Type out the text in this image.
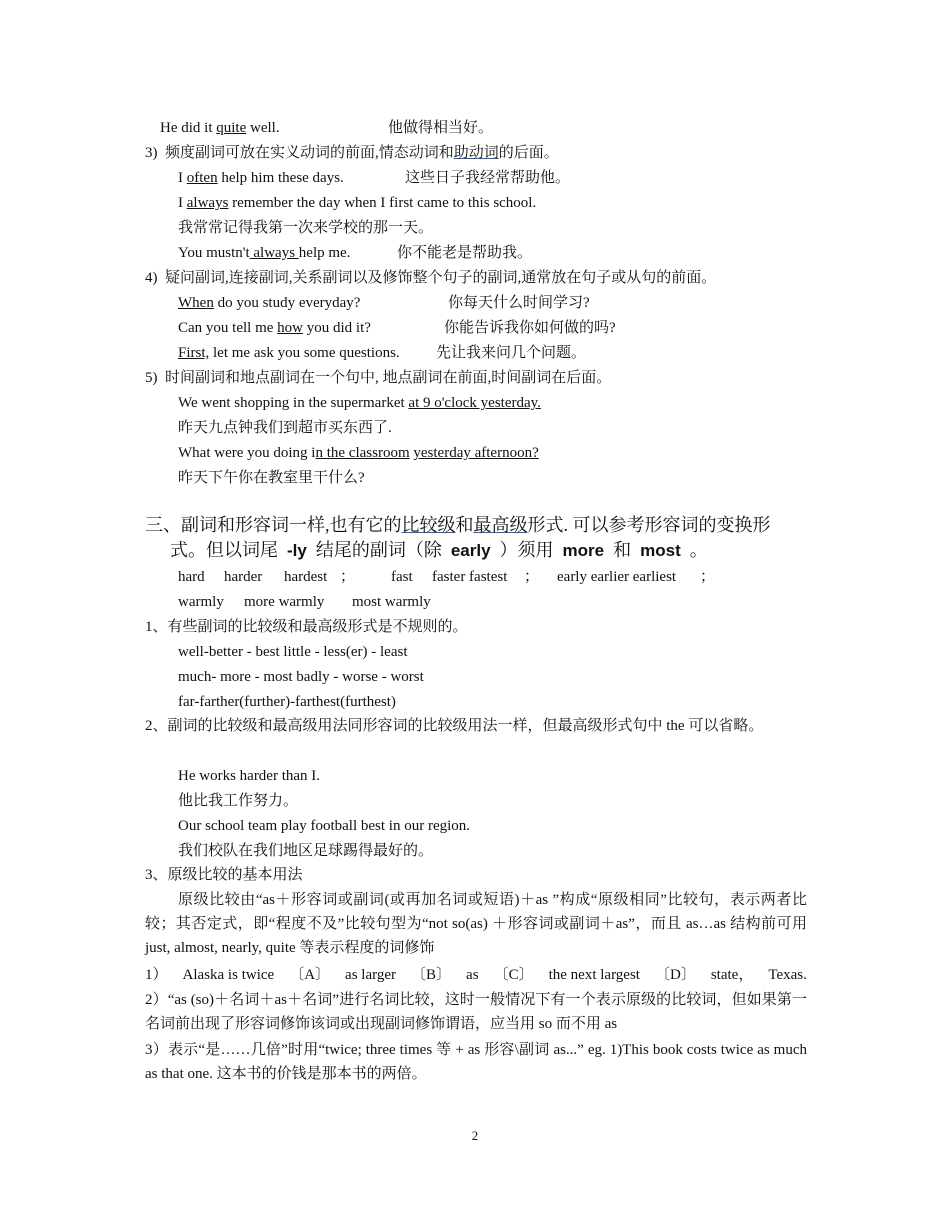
He did it quite well.	他做得相当好。
3) 频度副词可放在实义动词的前面,情态动词和助动词的后面。
I often help him these days.	这些日子我经常帮助他。
I always remember the day when I first came to this school.
我常常记得我第一次来学校的那一天。
You mustn't always help me.	你不能老是帮助我。
4) 疑问副词,连接副词,关系副词以及修饰整个句子的副词,通常放在句子或从句的前面。
When do you study everyday?	你每天什么时间学习?
Can you tell me how you did it?	你能告诉我你如何做的吗?
First, let me ask you some questions. 先让我来问几个问题。
5) 时间副词和地点副词在一个句中, 地点副词在前面,时间副词在后面。
We went shopping in the supermarket at 9 o'clock yesterday.
昨天九点钟我们到超市买东西了.
What were you doing in the classroom yesterday afternoon?
昨天下午你在教室里干什么?
三、副词和形容词一样,也有它的比较级和最高级形式. 可以参考形容词的变换形
式。但以词尾 -ly 结尾的副词（除 early ）须用 more 和 most 。
hard harder hardest ； fast faster fastest ； early earlier earliest ；
warmly more warmly most warmly
1、有些副词的比较级和最高级形式是不规则的。
well-better - best little - less(er) - least
much- more - most badly - worse - worst
far-farther(further)-farthest(furthest)
2、副词的比较级和最高级用法同形容词的比较级用法一样，但最高级形式句中 the 可以省略。
He works harder than I.
他比我工作努力。
Our school team play football best in our region.
我们校队在我们地区足球踢得最好的。
3、原级比较的基本用法
原级比较由“as＋形容词或副词(或再加名词或短语)＋as ”构成“原级相同”比较句，表示两者比较；其否定式，即“程度不及”比较句型为“not so(as) ＋形容词或副词＋as”，而且 as…as 结构前可用 just, almost, nearly, quite 等表示程度的词修饰
1） Alaska is twice 〔A〕 as larger 〔B〕 as 〔C〕 the next largest 〔D〕 state， Texas.
2）“as (so)＋名词＋as＋名词”进行名词比较，这时一般情况下有一个表示原级的比较词，但如果第一名词前出现了形容词修饰该词或出现副词修饰谓语，应当用 so 而不用 as
3）表示“是……几倍”时用“twice; three times 等 + as 形容\副词 as...” eg. 1)This book costs twice as much as that one. 这本书的价钱是那本书的两倍。
2
